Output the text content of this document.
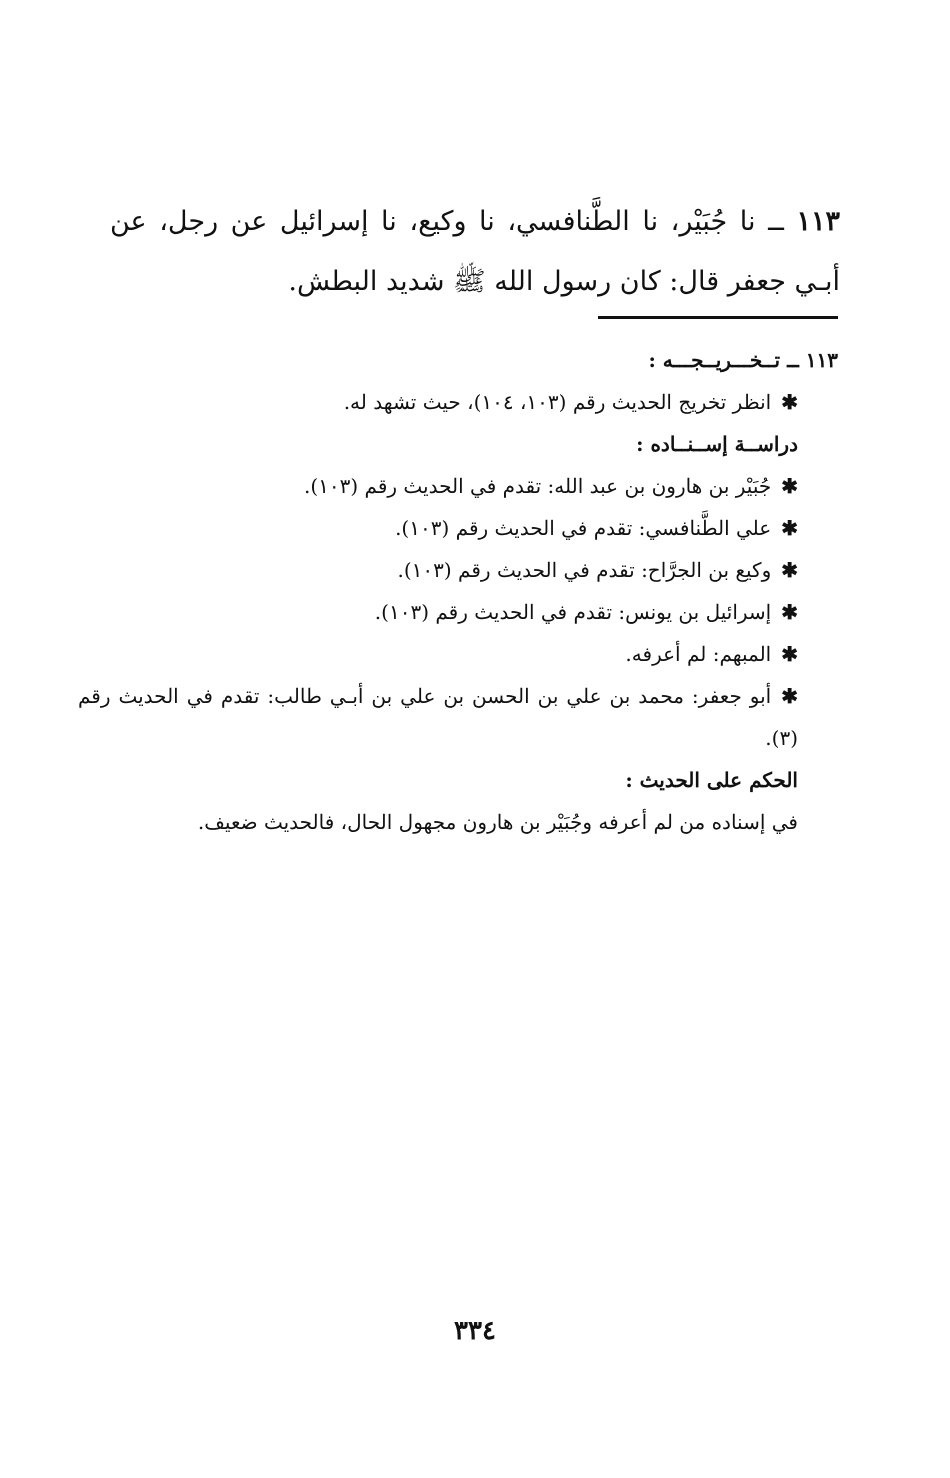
١١٣ ــ نا جُبَيْر، نا الطَّنافسي، نا وكيع، نا إسرائيل عن رجل، عن أبـي جعفر قال: كان رسول الله ﷺ شديد البطش.
١١٣ ــ تــخـــريــجـــه :
✱انظر تخريج الحديث رقم (١٠٣، ١٠٤)، حيث تشهد له.
دراســة إســنــاده :
✱جُبَيْر بن هارون بن عبد الله: تقدم في الحديث رقم (١٠٣).
✱علي الطَّنافسي: تقدم في الحديث رقم (١٠٣).
✱وكيع بن الجرَّاح: تقدم في الحديث رقم (١٠٣).
✱إسرائيل بن يونس: تقدم في الحديث رقم (١٠٣).
✱المبهم: لم أعرفه.
✱أبو جعفر: محمد بن علي بن الحسن بن علي بن أبـي طالب: تقدم في الحديث رقم (٣).
الحكم على الحديث :
في إسناده من لم أعرفه وجُبَيْر بن هارون مجهول الحال، فالحديث ضعيف.
٣٣٤
